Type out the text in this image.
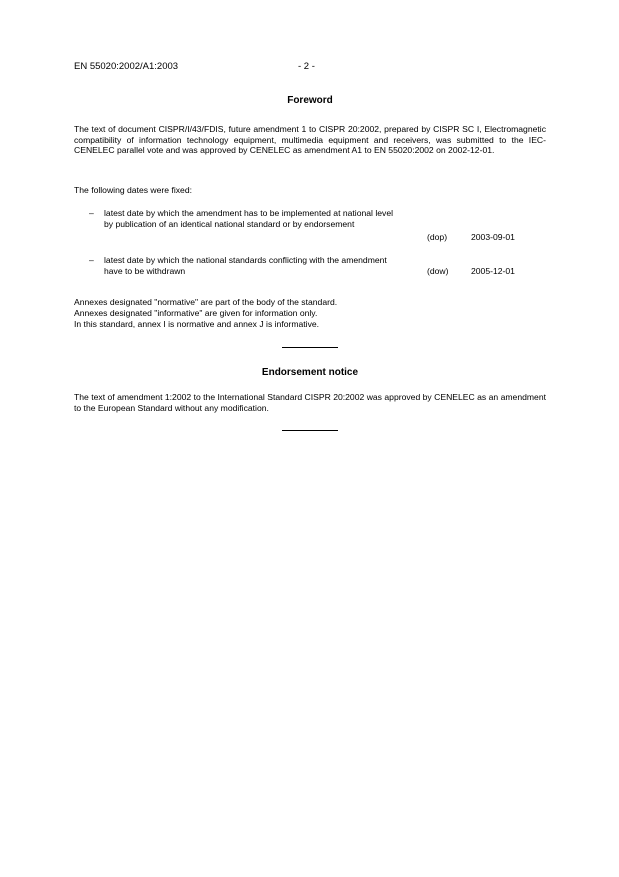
EN 55020:2002/A1:2003	- 2 -
Foreword

The text of document CISPR/I/43/FDIS, future amendment 1 to CISPR 20:2002, prepared by CISPR SC I, Electromagnetic compatibility of information technology equipment, multimedia equipment and receivers, was submitted to the IEC-CENELEC parallel vote and was approved by CENELEC as amendment A1 to EN 55020:2002 on 2002-12-01.

The following dates were fixed:
– latest date by which the amendment has to be implemented at national level by publication of an identical national standard or by endorsement
(dop)	2003-09-01
– latest date by which the national standards conflicting with the amendment have to be withdrawn	(dow)	2005-12-01
Annexes designated "normative" are part of the body of the standard.
Annexes designated "informative" are given for information only.
In this standard, annex I is normative and annex J is informative.
Endorsement notice

The text of amendment 1:2002 to the International Standard CISPR 20:2002 was approved by CENELEC as an amendment to the European Standard without any modification.
